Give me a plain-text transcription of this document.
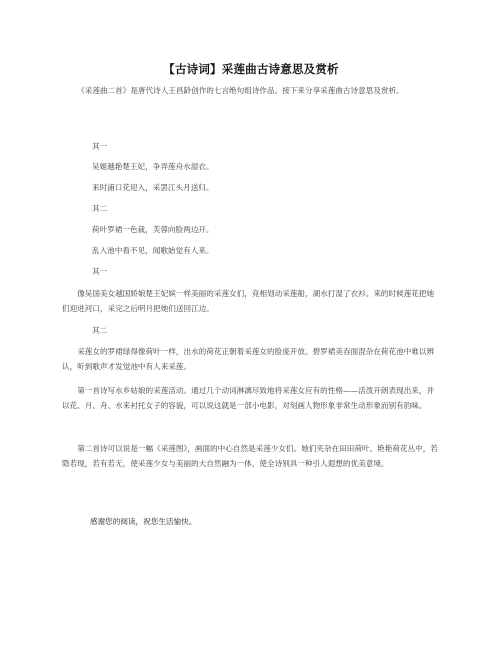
【古诗词】采莲曲古诗意思及赏析

《采莲曲二首》是唐代诗人王昌龄创作的七言绝句组诗作品。接下来分享采莲曲古诗意思及赏析。

其一
吴姬越艳楚王妃，争弄莲舟水湿衣。
来时浦口花迎入，采罢江头月送归。
其二
荷叶罗裙一色裁，芙蓉向脸两边开。
乱入池中看不见，闻歌始觉有人来。
其一

像吴国美女越国娇娘楚王妃嫔一样美丽的采莲女们，竞相划动采莲船，湖水打湿了衣衫。来的时候莲花把她们迎进河口，采完之后明月把她们送回江边。

其二

采莲女的罗裙绿得像荷叶一样，出水的荷花正朝着采莲女的脸庞开放。碧罗裙美吞面混杂在荷花池中难以辨认，听到歌声才发觉池中有人来采莲。

第一首诗写水乡姑娘的采莲活动。通过几个动词淋漓尽致地将采莲女应有的性格——活泼开朗表现出来，并以花、月、舟、水来衬托女子的容貌，可以说这就是一部小电影，对刻画人物形象非常生动形象而别有韵味。

第二首诗可以说是一幅《采莲图》，画面的中心自然是采莲少女们。她们夹杂在田田荷叶、艳艳荷花丛中，若隐若现，若有若无，使采莲少女与美丽的大自然融为一体，使全诗别具一种引人遐想的优美意境。

感谢您的阅读，祝您生活愉快。
